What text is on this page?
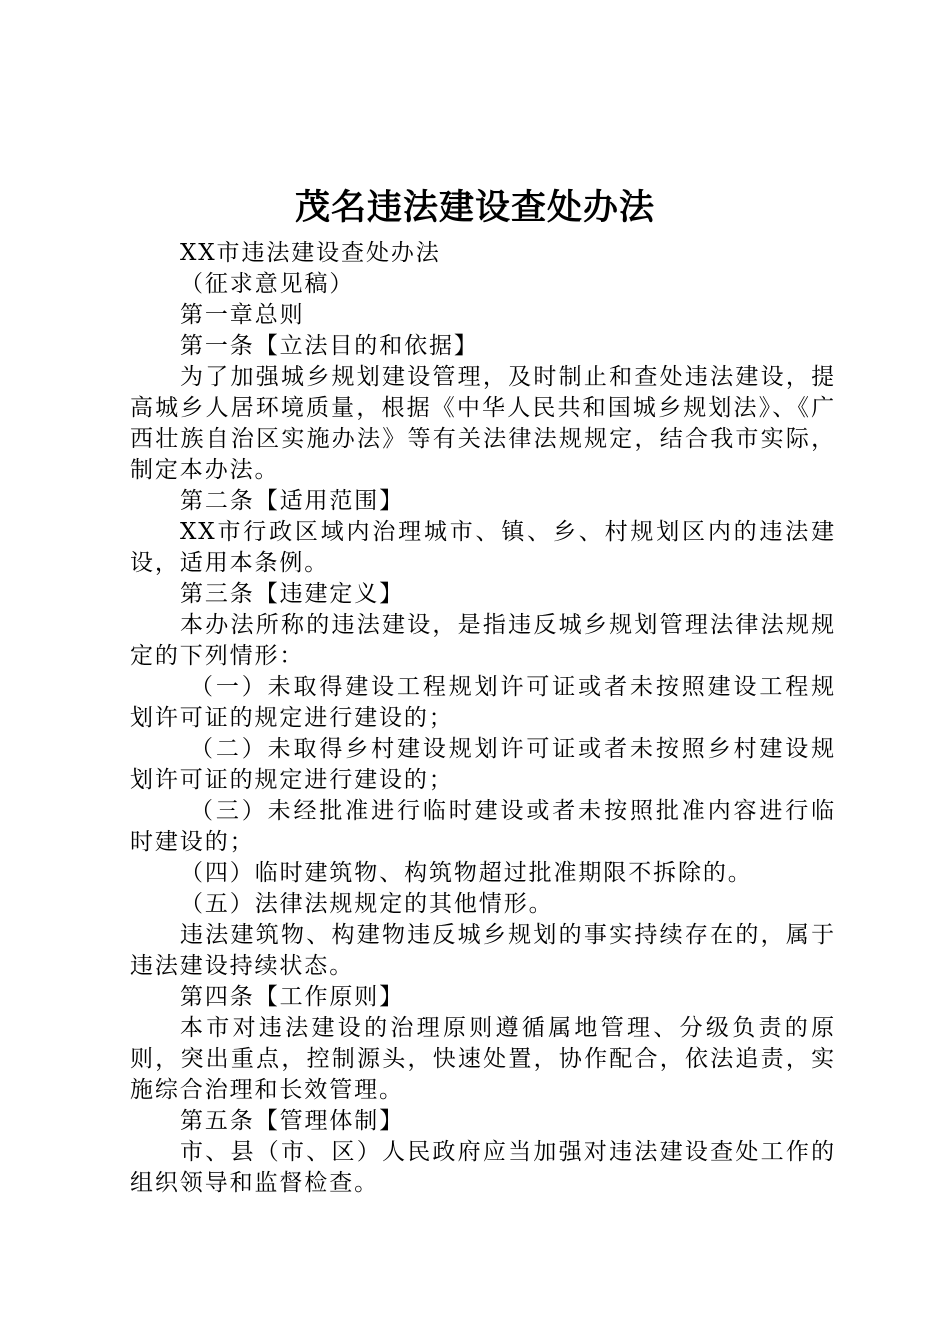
茂名违法建设查处办法

XX市违法建设查处办法

（征求意见稿）

第一章总则

第一条【立法目的和依据】

为了加强城乡规划建设管理，及时制止和查处违法建设，提高城乡人居环境质量，根据《中华人民共和国城乡规划法》、《广西壮族自治区实施办法》等有关法律法规规定，结合我市实际，制定本办法。

第二条【适用范围】

XX市行政区域内治理城市、镇、乡、村规划区内的违法建设，适用本条例。

第三条【违建定义】

本办法所称的违法建设，是指违反城乡规划管理法律法规规定的下列情形：

（一）未取得建设工程规划许可证或者未按照建设工程规划许可证的规定进行建设的；

（二）未取得乡村建设规划许可证或者未按照乡村建设规划许可证的规定进行建设的；

（三）未经批准进行临时建设或者未按照批准内容进行临时建设的；

（四）临时建筑物、构筑物超过批准期限不拆除的。

（五）法律法规规定的其他情形。

违法建筑物、构建物违反城乡规划的事实持续存在的，属于违法建设持续状态。

第四条【工作原则】

本市对违法建设的治理原则遵循属地管理、分级负责的原则，突出重点，控制源头，快速处置，协作配合，依法追责，实施综合治理和长效管理。

第五条【管理体制】

市、县（市、区）人民政府应当加强对违法建设查处工作的组织领导和监督检查。
